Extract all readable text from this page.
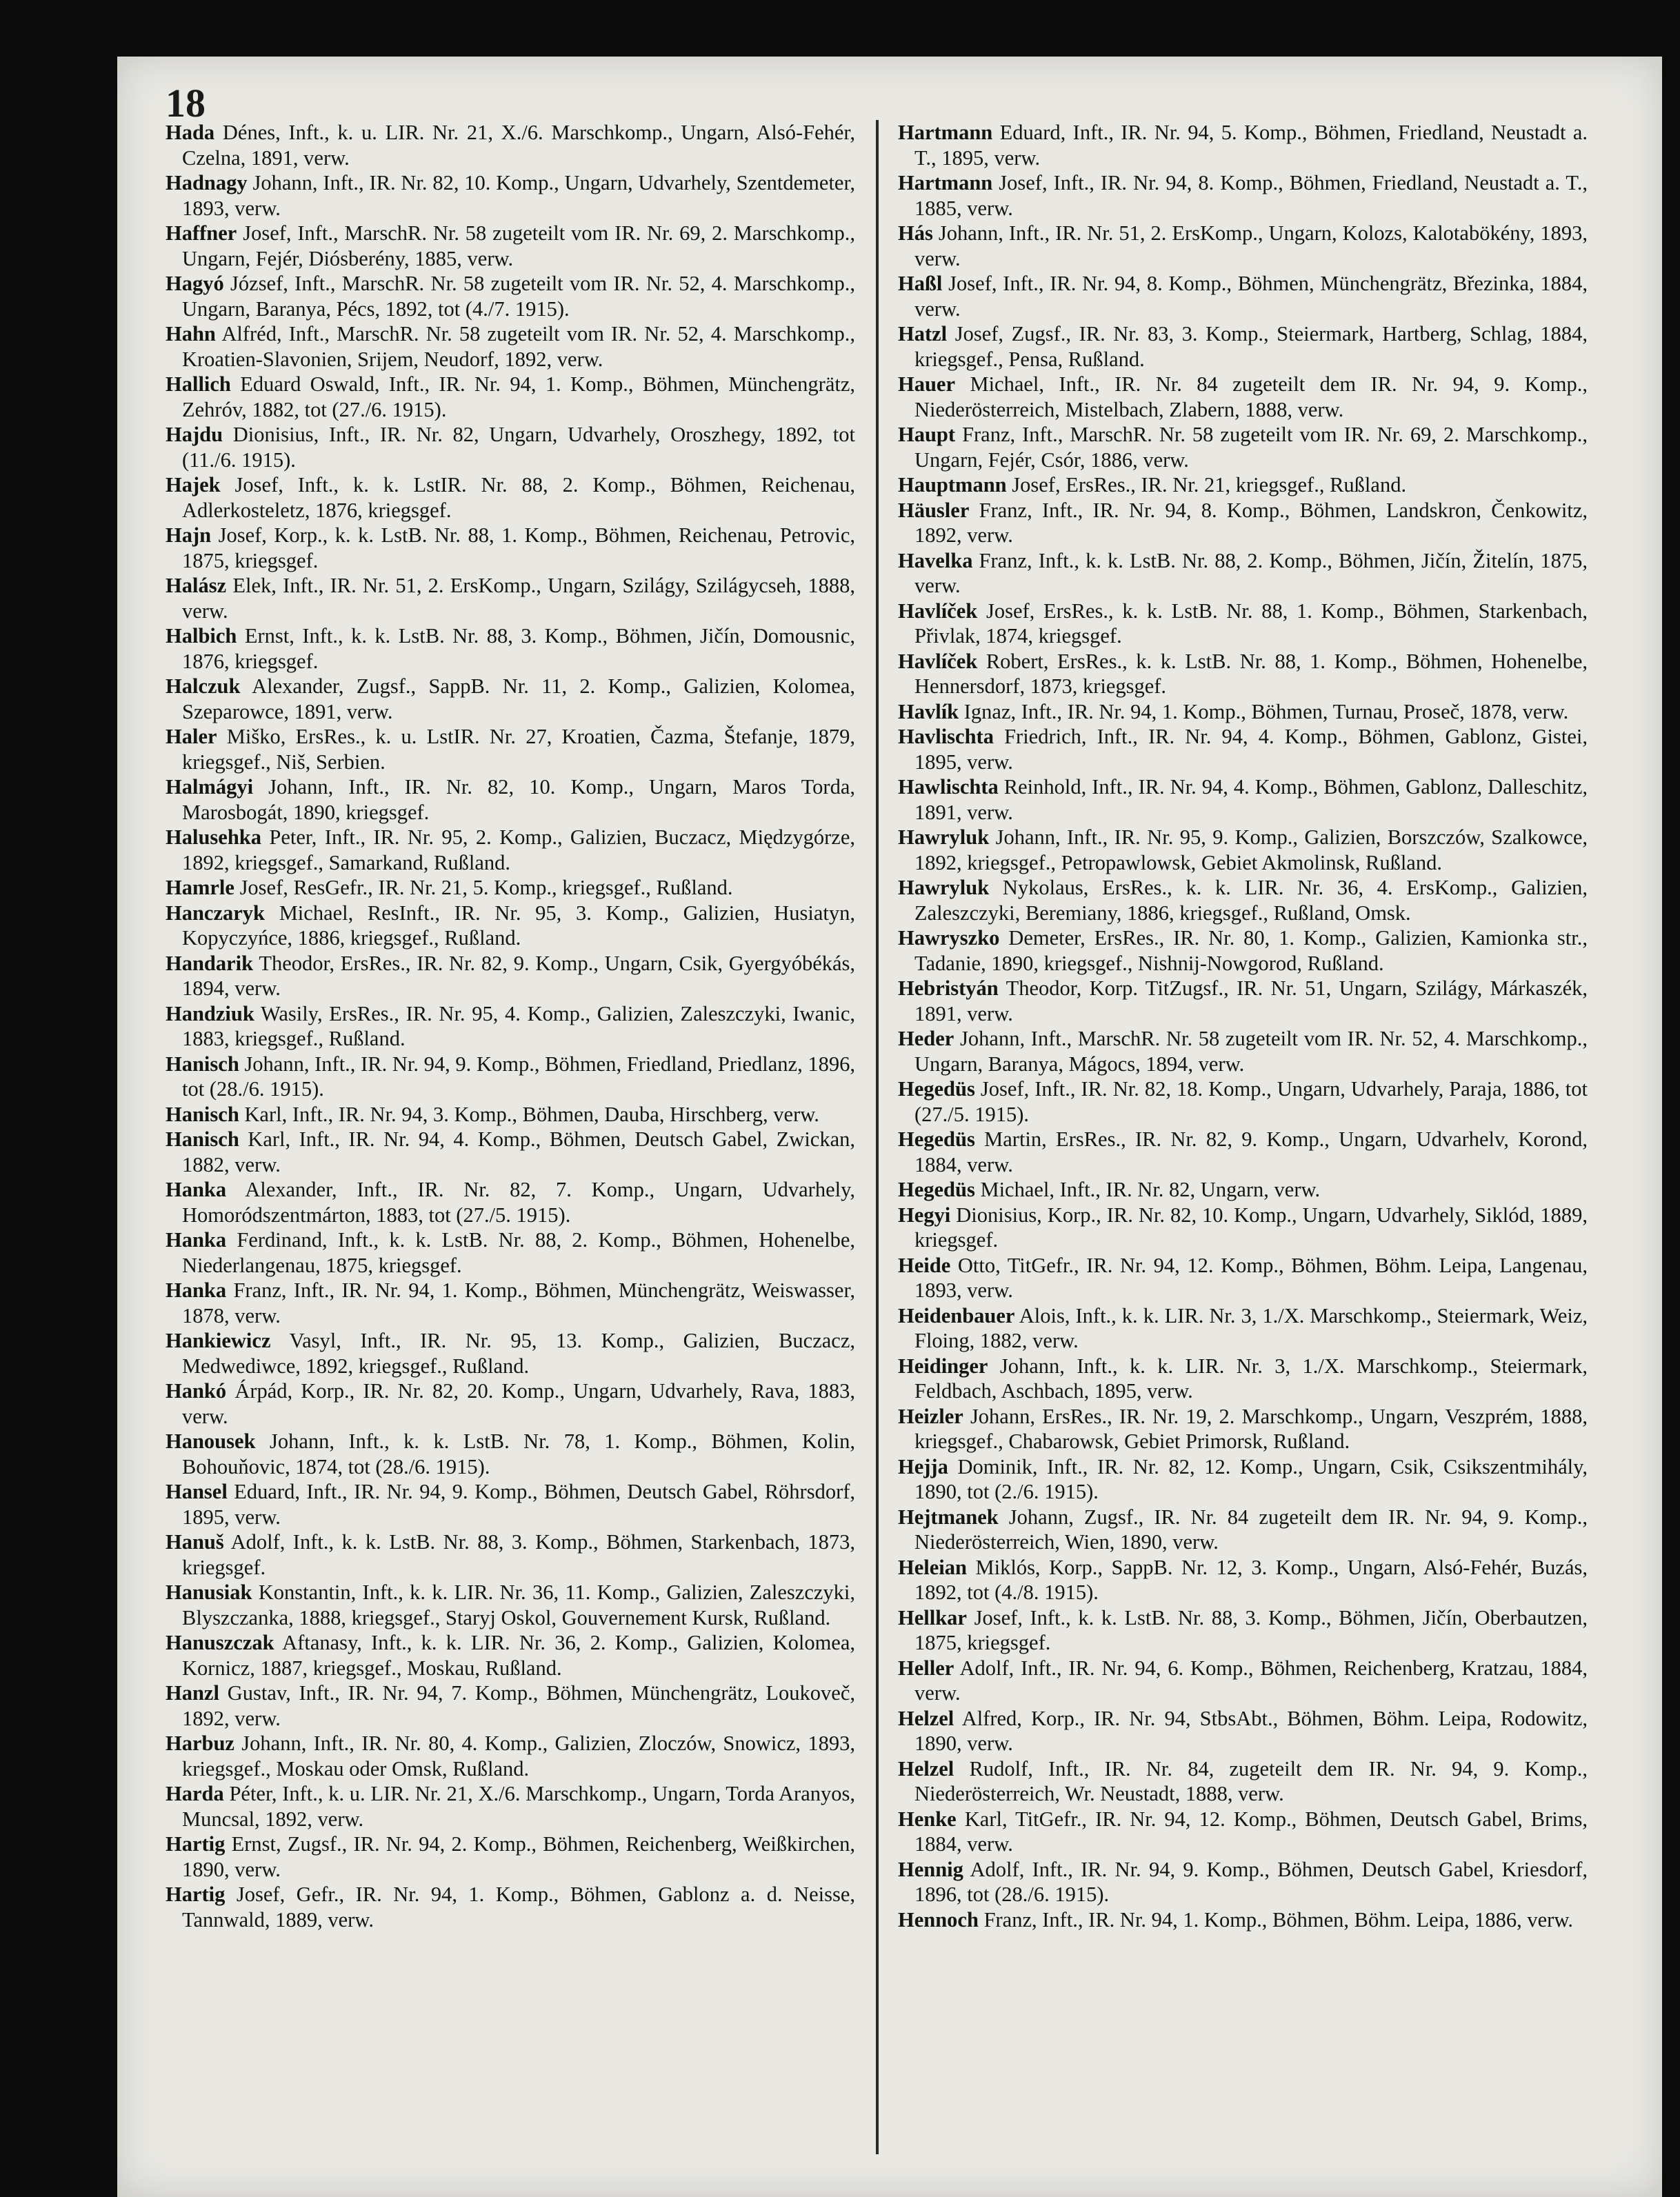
18

Hada Dénes, Inft., k. u. LIR. Nr. 21, X./6. Marschkomp., Ungarn, Alsó-Fehér, Czelna, 1891, verw.

Hadnagy Johann, Inft., IR. Nr. 82, 10. Komp., Ungarn, Udvarhely, Szentdemeter, 1893, verw.

Haffner Josef, Inft., MarschR. Nr. 58 zugeteilt vom IR. Nr. 69, 2. Marschkomp., Ungarn, Fejér, Diósberény, 1885, verw.

Hagyó József, Inft., MarschR. Nr. 58 zugeteilt vom IR. Nr. 52, 4. Marschkomp., Ungarn, Baranya, Pécs, 1892, tot (4./7. 1915).

Hahn Alfréd, Inft., MarschR. Nr. 58 zugeteilt vom IR. Nr. 52, 4. Marschkomp., Kroatien-Slavonien, Srijem, Neudorf, 1892, verw.

Hallich Eduard Oswald, Inft., IR. Nr. 94, 1. Komp., Böhmen, Münchengrätz, Zehróv, 1882, tot (27./6. 1915).

Hajdu Dionisius, Inft., IR. Nr. 82, Ungarn, Udvarhely, Oroszhegy, 1892, tot (11./6. 1915).

Hajek Josef, Inft., k. k. LstIR. Nr. 88, 2. Komp., Böhmen, Reichenau, Adlerkosteletz, 1876, kriegsgef.

Hajn Josef, Korp., k. k. LstB. Nr. 88, 1. Komp., Böhmen, Reichenau, Petrovic, 1875, kriegsgef.

Halász Elek, Inft., IR. Nr. 51, 2. ErsKomp., Ungarn, Szilágy, Szilágycseh, 1888, verw.

Halbich Ernst, Inft., k. k. LstB. Nr. 88, 3. Komp., Böhmen, Jičín, Domousnic, 1876, kriegsgef.

Halczuk Alexander, Zugsf., SappB. Nr. 11, 2. Komp., Galizien, Kolomea, Szeparowce, 1891, verw.

Haler Miško, ErsRes., k. u. LstIR. Nr. 27, Kroatien, Čazma, Štefanje, 1879, kriegsgef., Niš, Serbien.

Halmágyi Johann, Inft., IR. Nr. 82, 10. Komp., Ungarn, Maros Torda, Marosbogát, 1890, kriegsgef.

Halusehka Peter, Inft., IR. Nr. 95, 2. Komp., Galizien, Buczacz, Międzygórze, 1892, kriegsgef., Samarkand, Rußland.

Hamrle Josef, ResGefr., IR. Nr. 21, 5. Komp., kriegsgef., Rußland.

Hanczaryk Michael, ResInft., IR. Nr. 95, 3. Komp., Galizien, Husiatyn, Kopyczyńce, 1886, kriegsgef., Rußland.

Handarik Theodor, ErsRes., IR. Nr. 82, 9. Komp., Ungarn, Csik, Gyergyóbékás, 1894, verw.

Handziuk Wasily, ErsRes., IR. Nr. 95, 4. Komp., Galizien, Zaleszczyki, Iwanic, 1883, kriegsgef., Rußland.

Hanisch Johann, Inft., IR. Nr. 94, 9. Komp., Böhmen, Friedland, Priedlanz, 1896, tot (28./6. 1915).

Hanisch Karl, Inft., IR. Nr. 94, 3. Komp., Böhmen, Dauba, Hirschberg, verw.

Hanisch Karl, Inft., IR. Nr. 94, 4. Komp., Böhmen, Deutsch Gabel, Zwickan, 1882, verw.

Hanka Alexander, Inft., IR. Nr. 82, 7. Komp., Ungarn, Udvarhely, Homoródszentmárton, 1883, tot (27./5. 1915).

Hanka Ferdinand, Inft., k. k. LstB. Nr. 88, 2. Komp., Böhmen, Hohenelbe, Niederlangenau, 1875, kriegsgef.

Hanka Franz, Inft., IR. Nr. 94, 1. Komp., Böhmen, Münchengrätz, Weiswasser, 1878, verw.

Hankiewicz Vasyl, Inft., IR. Nr. 95, 13. Komp., Galizien, Buczacz, Medwediwce, 1892, kriegsgef., Rußland.

Hankó Árpád, Korp., IR. Nr. 82, 20. Komp., Ungarn, Udvarhely, Rava, 1883, verw.

Hanousek Johann, Inft., k. k. LstB. Nr. 78, 1. Komp., Böhmen, Kolin, Bohouňovic, 1874, tot (28./6. 1915).

Hansel Eduard, Inft., IR. Nr. 94, 9. Komp., Böhmen, Deutsch Gabel, Röhrsdorf, 1895, verw.

Hanuš Adolf, Inft., k. k. LstB. Nr. 88, 3. Komp., Böhmen, Starkenbach, 1873, kriegsgef.

Hanusiak Konstantin, Inft., k. k. LIR. Nr. 36, 11. Komp., Galizien, Zaleszczyki, Blyszczanka, 1888, kriegsgef., Staryj Oskol, Gouvernement Kursk, Rußland.

Hanuszczak Aftanasy, Inft., k. k. LIR. Nr. 36, 2. Komp., Galizien, Kolomea, Kornicz, 1887, kriegsgef., Moskau, Rußland.

Hanzl Gustav, Inft., IR. Nr. 94, 7. Komp., Böhmen, Münchengrätz, Loukoveč, 1892, verw.

Harbuz Johann, Inft., IR. Nr. 80, 4. Komp., Galizien, Zloczów, Snowicz, 1893, kriegsgef., Moskau oder Omsk, Rußland.

Harda Péter, Inft., k. u. LIR. Nr. 21, X./6. Marschkomp., Ungarn, Torda Aranyos, Muncsal, 1892, verw.

Hartig Ernst, Zugsf., IR. Nr. 94, 2. Komp., Böhmen, Reichenberg, Weißkirchen, 1890, verw.

Hartig Josef, Gefr., IR. Nr. 94, 1. Komp., Böhmen, Gablonz a. d. Neisse, Tannwald, 1889, verw.

Hartmann Eduard, Inft., IR. Nr. 94, 5. Komp., Böhmen, Friedland, Neustadt a. T., 1895, verw.

Hartmann Josef, Inft., IR. Nr. 94, 8. Komp., Böhmen, Friedland, Neustadt a. T., 1885, verw.

Hás Johann, Inft., IR. Nr. 51, 2. ErsKomp., Ungarn, Kolozs, Kalotabökény, 1893, verw.

Haßl Josef, Inft., IR. Nr. 94, 8. Komp., Böhmen, Münchengrätz, Březinka, 1884, verw.

Hatzl Josef, Zugsf., IR. Nr. 83, 3. Komp., Steiermark, Hartberg, Schlag, 1884, kriegsgef., Pensa, Rußland.

Hauer Michael, Inft., IR. Nr. 84 zugeteilt dem IR. Nr. 94, 9. Komp., Niederösterreich, Mistelbach, Zlabern, 1888, verw.

Haupt Franz, Inft., MarschR. Nr. 58 zugeteilt vom IR. Nr. 69, 2. Marschkomp., Ungarn, Fejér, Csór, 1886, verw.

Hauptmann Josef, ErsRes., IR. Nr. 21, kriegsgef., Rußland.

Häusler Franz, Inft., IR. Nr. 94, 8. Komp., Böhmen, Landskron, Čenkowitz, 1892, verw.

Havelka Franz, Inft., k. k. LstB. Nr. 88, 2. Komp., Böhmen, Jičín, Žitelín, 1875, verw.

Havlíček Josef, ErsRes., k. k. LstB. Nr. 88, 1. Komp., Böhmen, Starkenbach, Přivlak, 1874, kriegsgef.

Havlíček Robert, ErsRes., k. k. LstB. Nr. 88, 1. Komp., Böhmen, Hohenelbe, Hennersdorf, 1873, kriegsgef.

Havlík Ignaz, Inft., IR. Nr. 94, 1. Komp., Böhmen, Turnau, Proseč, 1878, verw.

Havlischta Friedrich, Inft., IR. Nr. 94, 4. Komp., Böhmen, Gablonz, Gistei, 1895, verw.

Hawlischta Reinhold, Inft., IR. Nr. 94, 4. Komp., Böhmen, Gablonz, Dalleschitz, 1891, verw.

Hawryluk Johann, Inft., IR. Nr. 95, 9. Komp., Galizien, Borszczów, Szalkowce, 1892, kriegsgef., Petropawlowsk, Gebiet Akmolinsk, Rußland.

Hawryluk Nykolaus, ErsRes., k. k. LIR. Nr. 36, 4. ErsKomp., Galizien, Zaleszczyki, Beremiany, 1886, kriegsgef., Rußland, Omsk.

Hawryszko Demeter, ErsRes., IR. Nr. 80, 1. Komp., Galizien, Kamionka str., Tadanie, 1890, kriegsgef., Nishnij-Nowgorod, Rußland.

Hebristyán Theodor, Korp. TitZugsf., IR. Nr. 51, Ungarn, Szilágy, Márkaszék, 1891, verw.

Heder Johann, Inft., MarschR. Nr. 58 zugeteilt vom IR. Nr. 52, 4. Marschkomp., Ungarn, Baranya, Mágocs, 1894, verw.

Hegedüs Josef, Inft., IR. Nr. 82, 18. Komp., Ungarn, Udvarhely, Paraja, 1886, tot (27./5. 1915).

Hegedüs Martin, ErsRes., IR. Nr. 82, 9. Komp., Ungarn, Udvarhelv, Korond, 1884, verw.

Hegedüs Michael, Inft., IR. Nr. 82, Ungarn, verw.

Hegyi Dionisius, Korp., IR. Nr. 82, 10. Komp., Ungarn, Udvarhely, Siklód, 1889, kriegsgef.

Heide Otto, TitGefr., IR. Nr. 94, 12. Komp., Böhmen, Böhm. Leipa, Langenau, 1893, verw.

Heidenbauer Alois, Inft., k. k. LIR. Nr. 3, 1./X. Marschkomp., Steiermark, Weiz, Floing, 1882, verw.

Heidinger Johann, Inft., k. k. LIR. Nr. 3, 1./X. Marschkomp., Steiermark, Feldbach, Aschbach, 1895, verw.

Heizler Johann, ErsRes., IR. Nr. 19, 2. Marschkomp., Ungarn, Veszprém, 1888, kriegsgef., Chabarowsk, Gebiet Primorsk, Rußland.

Hejja Dominik, Inft., IR. Nr. 82, 12. Komp., Ungarn, Csik, Csikszentmihály, 1890, tot (2./6. 1915).

Hejtmanek Johann, Zugsf., IR. Nr. 84 zugeteilt dem IR. Nr. 94, 9. Komp., Niederösterreich, Wien, 1890, verw.

Heleian Miklós, Korp., SappB. Nr. 12, 3. Komp., Ungarn, Alsó-Fehér, Buzás, 1892, tot (4./8. 1915).

Hellkar Josef, Inft., k. k. LstB. Nr. 88, 3. Komp., Böhmen, Jičín, Oberbautzen, 1875, kriegsgef.

Heller Adolf, Inft., IR. Nr. 94, 6. Komp., Böhmen, Reichenberg, Kratzau, 1884, verw.

Helzel Alfred, Korp., IR. Nr. 94, StbsAbt., Böhmen, Böhm. Leipa, Rodowitz, 1890, verw.

Helzel Rudolf, Inft., IR. Nr. 84, zugeteilt dem IR. Nr. 94, 9. Komp., Niederösterreich, Wr. Neustadt, 1888, verw.

Henke Karl, TitGefr., IR. Nr. 94, 12. Komp., Böhmen, Deutsch Gabel, Brims, 1884, verw.

Hennig Adolf, Inft., IR. Nr. 94, 9. Komp., Böhmen, Deutsch Gabel, Kriesdorf, 1896, tot (28./6. 1915).

Hennoch Franz, Inft., IR. Nr. 94, 1. Komp., Böhmen, Böhm. Leipa, 1886, verw.
